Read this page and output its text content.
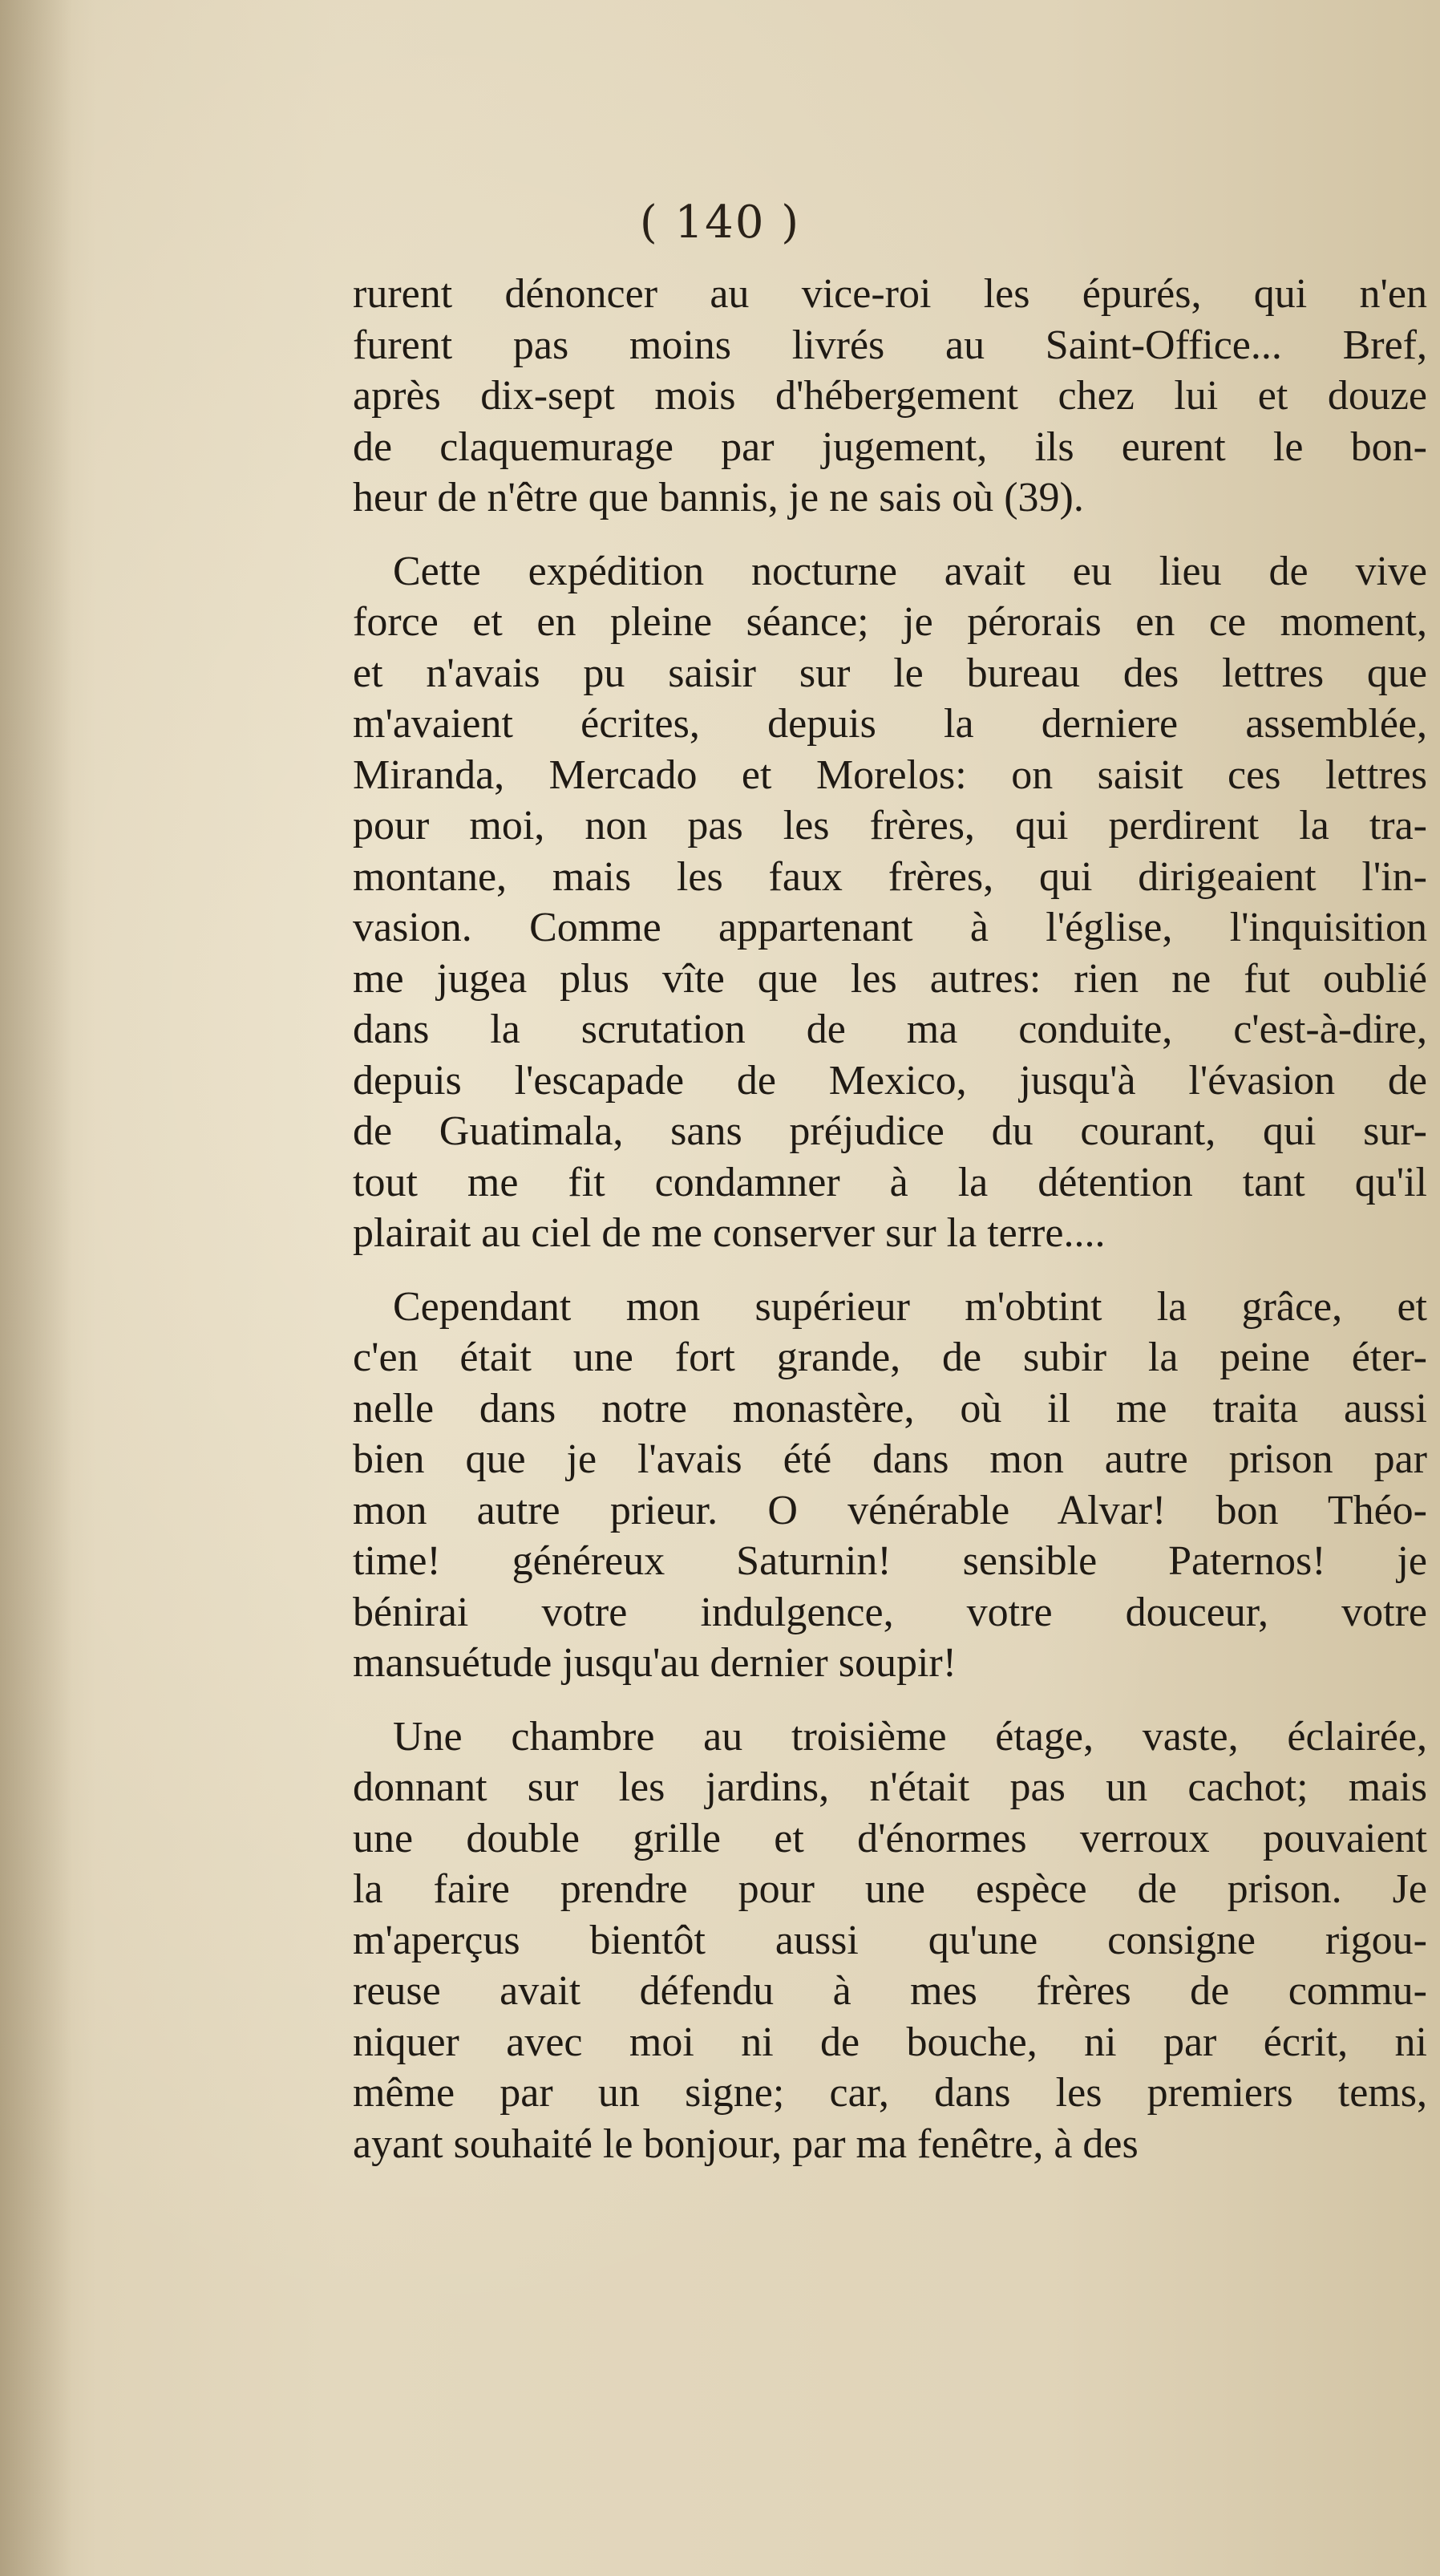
( 140 )
rurent dénoncer au vice-roi les épurés, qui n'en
furent pas moins livrés au Saint-Office... Bref,
après dix-sept mois d'hébergement chez lui et douze
de claquemurage par jugement, ils eurent le bon-
heur de n'être que bannis, je ne sais où (39).
Cette expédition nocturne avait eu lieu de vive
force et en pleine séance; je pérorais en ce moment,
et n'avais pu saisir sur le bureau des lettres que
m'avaient écrites, depuis la derniere assemblée,
Miranda, Mercado et Morelos: on saisit ces lettres
pour moi, non pas les frères, qui perdirent la tra-
montane, mais les faux frères, qui dirigeaient l'in-
vasion. Comme appartenant à l'église, l'inquisition
me jugea plus vîte que les autres: rien ne fut oublié
dans la scrutation de ma conduite, c'est-à-dire,
depuis l'escapade de Mexico, jusqu'à l'évasion de
de Guatimala, sans préjudice du courant, qui sur-
tout me fit condamner à la détention tant qu'il
plairait au ciel de me conserver sur la terre....
Cependant mon supérieur m'obtint la grâce, et
c'en était une fort grande, de subir la peine éter-
nelle dans notre monastère, où il me traita aussi
bien que je l'avais été dans mon autre prison par
mon autre prieur. O vénérable Alvar! bon Théo-
time! généreux Saturnin! sensible Paternos! je
bénirai votre indulgence, votre douceur, votre
mansuétude jusqu'au dernier soupir!
Une chambre au troisième étage, vaste, éclairée,
donnant sur les jardins, n'était pas un cachot; mais
une double grille et d'énormes verroux pouvaient
la faire prendre pour une espèce de prison. Je
m'aperçus bientôt aussi qu'une consigne rigou-
reuse avait défendu à mes frères de commu-
niquer avec moi ni de bouche, ni par écrit, ni
même par un signe; car, dans les premiers tems,
ayant souhaité le bonjour, par ma fenêtre, à des
